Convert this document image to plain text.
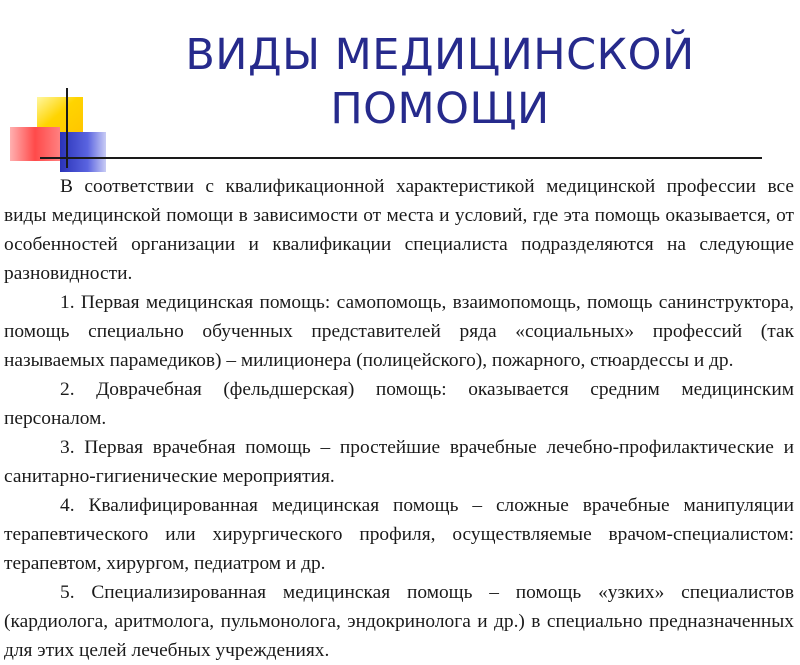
ВИДЫ МЕДИЦИНСКОЙ
ПОМОЩИ

В соответствии с квалификационной характеристикой медицинской профессии все виды медицинской помощи в зависимости от места и условий, где эта помощь оказывается, от особенностей организации и квалификации специалиста подразделяются на следующие разновидности.

1. Первая медицинская помощь: самопомощь, взаимопомощь, помощь санинструктора, помощь специально обученных представителей ряда «социальных» профессий (так называемых парамедиков) – милиционера (полицейского), пожарного, стюардессы и др.

2. Доврачебная (фельдшерская) помощь: оказывается средним медицинским персоналом.

3. Первая врачебная помощь – простейшие врачебные лечебно-профилактические и санитарно-гигиенические мероприятия.

4. Квалифицированная медицинская помощь – сложные врачебные манипуляции терапевтического или хирургического профиля, осуществляемые врачом-специалистом: терапевтом, хирургом, педиатром и др.

5. Специализированная медицинская помощь – помощь «узких» специалистов (кардиолога, аритмолога, пульмонолога, эндокринолога и др.) в специально предназначенных для этих целей лечебных учреждениях.
